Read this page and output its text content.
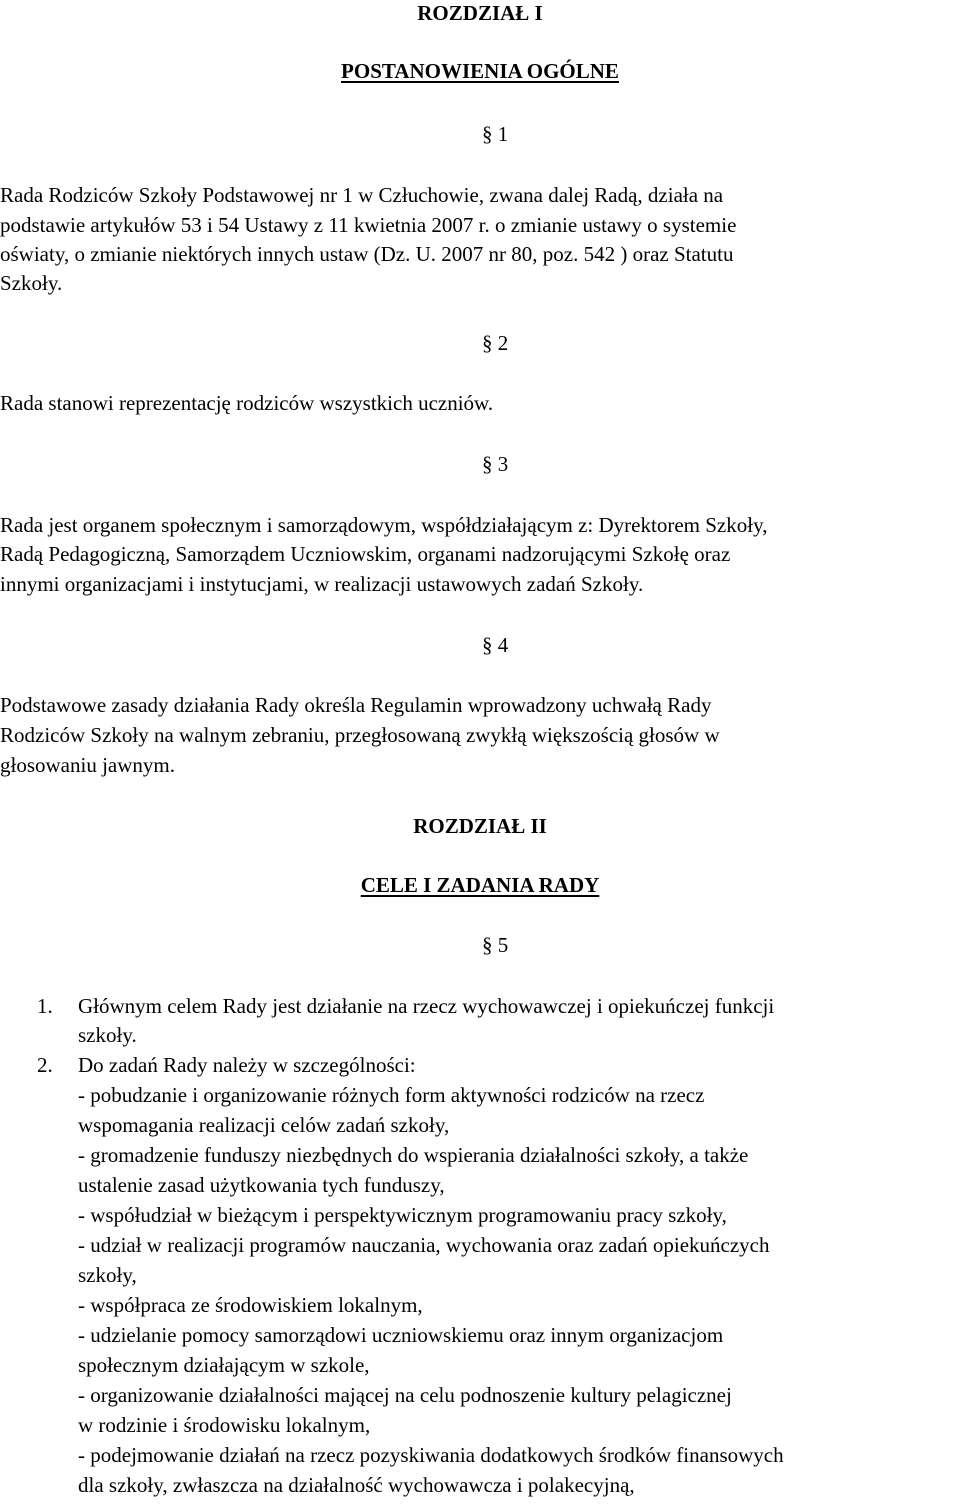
ROZDZIAŁ I
POSTANOWIENIA OGÓLNE
§ 1
Rada Rodziców Szkoły Podstawowej nr 1 w Człuchowie, zwana dalej Radą, działa na
podstawie artykułów 53 i 54 Ustawy z 11 kwietnia 2007 r. o zmianie ustawy o systemie
oświaty, o zmianie niektórych innych ustaw (Dz. U. 2007 nr 80, poz. 542 ) oraz Statutu
Szkoły.
§ 2
Rada stanowi reprezentację rodziców wszystkich uczniów.
§ 3
Rada jest organem społecznym i samorządowym, współdziałającym z: Dyrektorem Szkoły,
Radą Pedagogiczną, Samorządem Uczniowskim, organami nadzorującymi Szkołę oraz
innymi organizacjami i instytucjami, w realizacji ustawowych zadań Szkoły.
§ 4
Podstawowe zasady działania Rady określa Regulamin wprowadzony uchwałą Rady
Rodziców Szkoły na walnym zebraniu, przegłosowaną zwykłą większością głosów w
głosowaniu jawnym.
ROZDZIAŁ II
CELE I ZADANIA RADY
§ 5
1. Głównym celem Rady jest działanie na rzecz wychowawczej i opiekuńczej funkcji
szkoły.
2. Do zadań Rady należy w szczególności:
- pobudzanie i organizowanie różnych form aktywności rodziców na rzecz
wspomagania realizacji celów zadań szkoły,
- gromadzenie funduszy niezbędnych do wspierania działalności szkoły, a także
ustalenie zasad użytkowania tych funduszy,
- współudział w bieżącym i perspektywicznym programowaniu pracy szkoły,
- udział w realizacji programów nauczania, wychowania oraz zadań opiekuńczych
szkoły,
- współpraca ze środowiskiem lokalnym,
- udzielanie pomocy samorządowi uczniowskiemu oraz innym organizacjom
społecznym działającym w szkole,
- organizowanie działalności mającej na celu podnoszenie kultury pelagicznej
w rodzinie i środowisku lokalnym,
- podejmowanie działań na rzecz pozyskiwania dodatkowych środków finansowych
dla szkoły, zwłaszcza na działalność wychowawcza i polakecyjną,
